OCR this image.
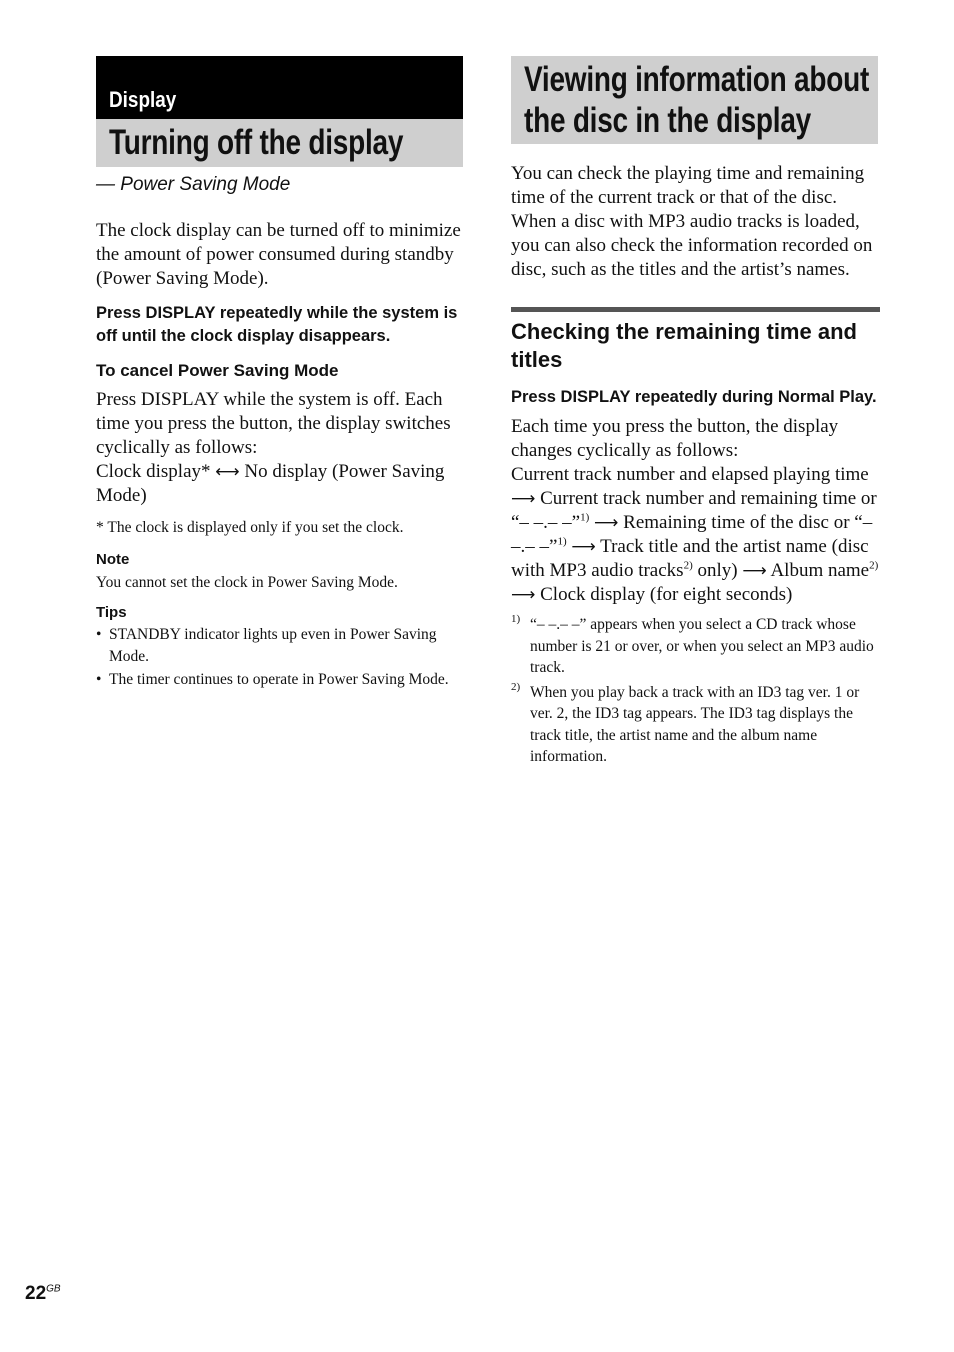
Display
Turning off the display
— Power Saving Mode
The clock display can be turned off to minimize the amount of power consumed during standby (Power Saving Mode).
Press DISPLAY repeatedly while the system is off until the clock display disappears.
To cancel Power Saving Mode
Press DISPLAY while the system is off. Each time you press the button, the display switches cyclically as follows:
Clock display* ⟷ No display (Power Saving Mode)
* The clock is displayed only if you set the clock.
Note
You cannot set the clock in Power Saving Mode.
Tips
• STANDBY indicator lights up even in Power Saving Mode.
• The timer continues to operate in Power Saving Mode.
Viewing information about the disc in the display
You can check the playing time and remaining time of the current track or that of the disc. When a disc with MP3 audio tracks is loaded, you can also check the information recorded on disc, such as the titles and the artist’s names.
Checking the remaining time and titles
Press DISPLAY repeatedly during Normal Play.
Each time you press the button, the display changes cyclically as follows:
Current track number and elapsed playing time ⟶ Current track number and remaining time or “– –.– –”$^{1)}$ ⟶ Remaining time of the disc or “– –.– –”$^{1)}$ ⟶ Track title and the artist name (disc with MP3 audio tracks$^{2)}$ only) ⟶ Album name$^{2)}$ ⟶ Clock display (for eight seconds)
1) “– –.– –” appears when you select a CD track whose number is 21 or over, or when you select an MP3 audio track.
2) When you play back a track with an ID3 tag ver. 1 or ver. 2, the ID3 tag appears. The ID3 tag displays the track title, the artist name and the album name information.
$22^{GB}$
